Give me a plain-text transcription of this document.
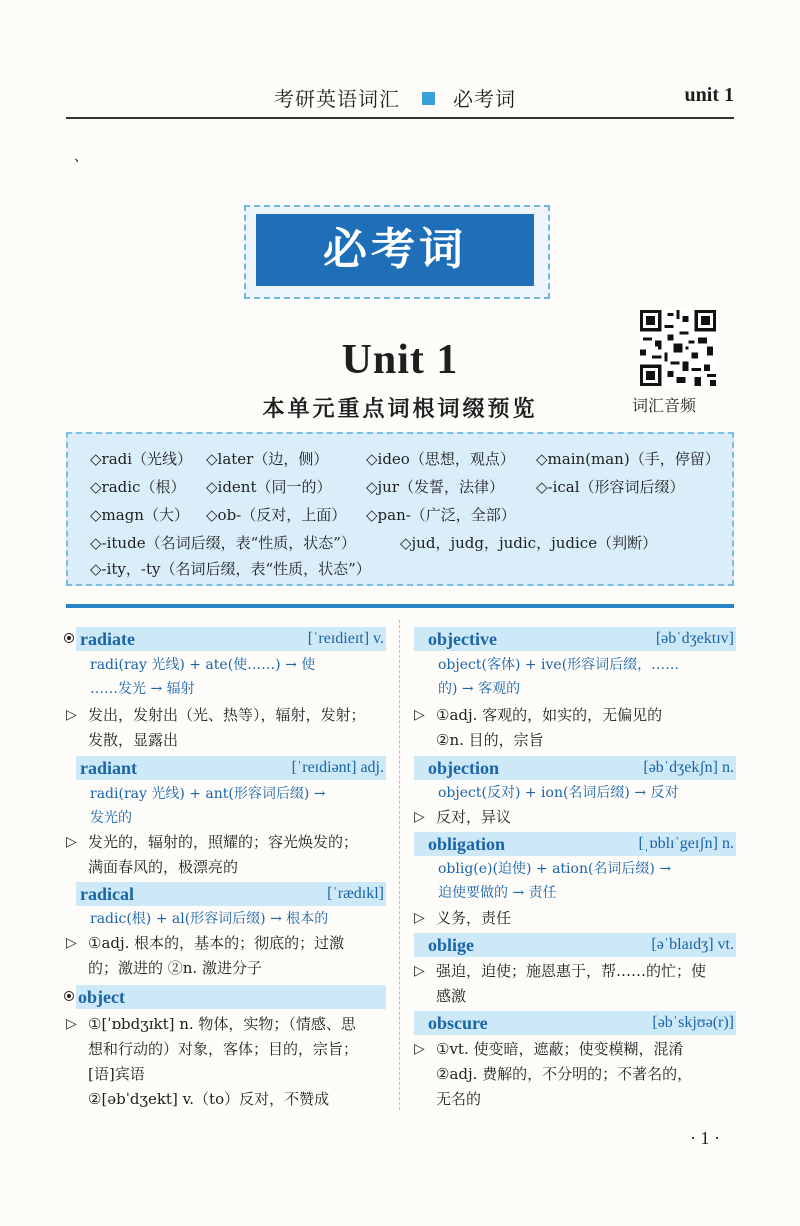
考研英语词汇	必考词	unit 1
、
必考词
Unit 1
本单元重点词根词缀预览	词汇音频
◇radi（光线） ◇later（边，侧）	◇ideo（思想，观点） ◇main(man)（手，停留）
◇radic（根） ◇ident（同一的） ◇jur（发誓，法律） ◇-ical（形容词后缀）
◇magn（大） ◇ob-（反对，上面） ◇pan-（广泛，全部）
◇-itude（名词后缀，表“性质，状态”）	◇jud，judg，judic，judice（判断）
◇-ity，-ty（名词后缀，表“性质，状态”）
radiate	[ˈreɪdieɪt] v.
radi(ray 光线) + ate(使……) → 使
……发光 → 辐射
▷ 发出，发射出（光、热等），辐射，发射；
发散，显露出
radiant	[ˈreɪdiənt] adj.
radi(ray 光线) + ant(形容词后缀) →
发光的
▷ 发光的，辐射的，照耀的；容光焕发的；
满面春风的，极漂亮的
radical	[ˈrædɪkl]
radic(根) + al(形容词后缀) → 根本的
▷ ①adj. 根本的，基本的；彻底的；过激
的；激进的 ②n. 激进分子
object
▷ ①[ˈɒbdʒɪkt] n. 物体，实物；（情感、思
想和行动的）对象，客体；目的，宗旨；
[语]宾语
②[əbˈdʒekt] v.（to）反对，不赞成
objective	[əbˈdʒektɪv]
object(客体) + ive(形容词后缀，……
的) → 客观的
▷ ①adj. 客观的，如实的，无偏见的
②n. 目的，宗旨
objection	[əbˈdʒekʃn] n.
object(反对) + ion(名词后缀) → 反对
▷ 反对，异议
obligation	[ˌɒblɪˈgeɪʃn] n.
oblig(e)(迫使) + ation(名词后缀) →
迫使要做的 → 责任
▷ 义务，责任
oblige	[əˈblaɪdʒ] vt.
▷ 强迫，迫使；施恩惠于，帮……的忙；使
感激
obscure	[əbˈskjʊə(r)]
▷ ①vt. 使变暗，遮蔽；使变模糊，混淆
②adj. 费解的，不分明的；不著名的，
无名的
· 1 ·
